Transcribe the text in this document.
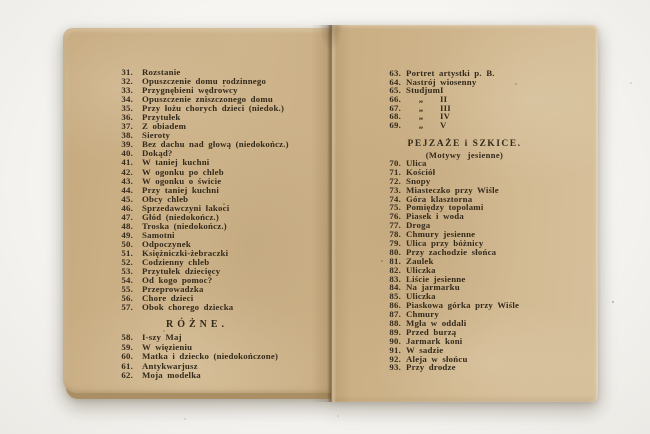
31.	Rozstanie
32.	Opuszczenie domu rodzinnego
33.	Przygnębieni wędrowcy
34.	Opuszczenie zniszczonego domu
35.	Przy łożu chorych dzieci (niedok.)
36.	Przytułek
37.	Z obiadem
38.	Sieroty
39.	Bez dachu nad głową (niedokończ.)
40.	Dokąd?
41.	W taniej kuchni
42.	W ogonku po chleb
43.	W ogonku o świcie
44.	Przy taniej kuchni
45.	Obcy chleb
46.	Sprzedawczyni łakoci
47.	Głód (niedokończ.)
48.	Troska (niedokończ.)
49.	Samotni
50.	Odpoczynek
51.	Księżniczki-żebraczki
52.	Codzienny chleb
53.	Przytułek dziecięcy
54.	Od kogo pomoc?
55.	Przeprowadzka
56.	Chore dzieci
57.	Obok chorego dziecka
RÓŻNE.
58.	I-szy Maj
59.	W więzieniu
60.	Matka i dziecko (niedokończone)
61.	Antykwarjusz
62.	Moja modelka
63. Portret artystki p. B.
64. Nastrój wiosenny
65. Studjum I
66.	„	II
67.	„	III
68.	„	IV
69.	„	V
PEJZAŻE i SZKICE.
(Motywy jesienne)
70. Ulica
71. Kościół
72. Snopy
73. Miasteczko przy Wiśle
74. Góra klasztorna
75. Pomiędzy topolami
76. Piasek i woda
77. Droga
78. Chmury jesienne
79. Ulica przy bóżnicy
80. Przy zachodzie słońca
81. Zaulek
82. Uliczka
83. Liście jesienne
84. Na jarmarku
85. Uliczka
86. Piaskowa górka przy Wiśle
87. Chmury
88. Mgła w oddali
89. Przed burzą
90. Jarmark koni
91. W sadzie
92. Aleja w słońcu
93. Przy drodze
